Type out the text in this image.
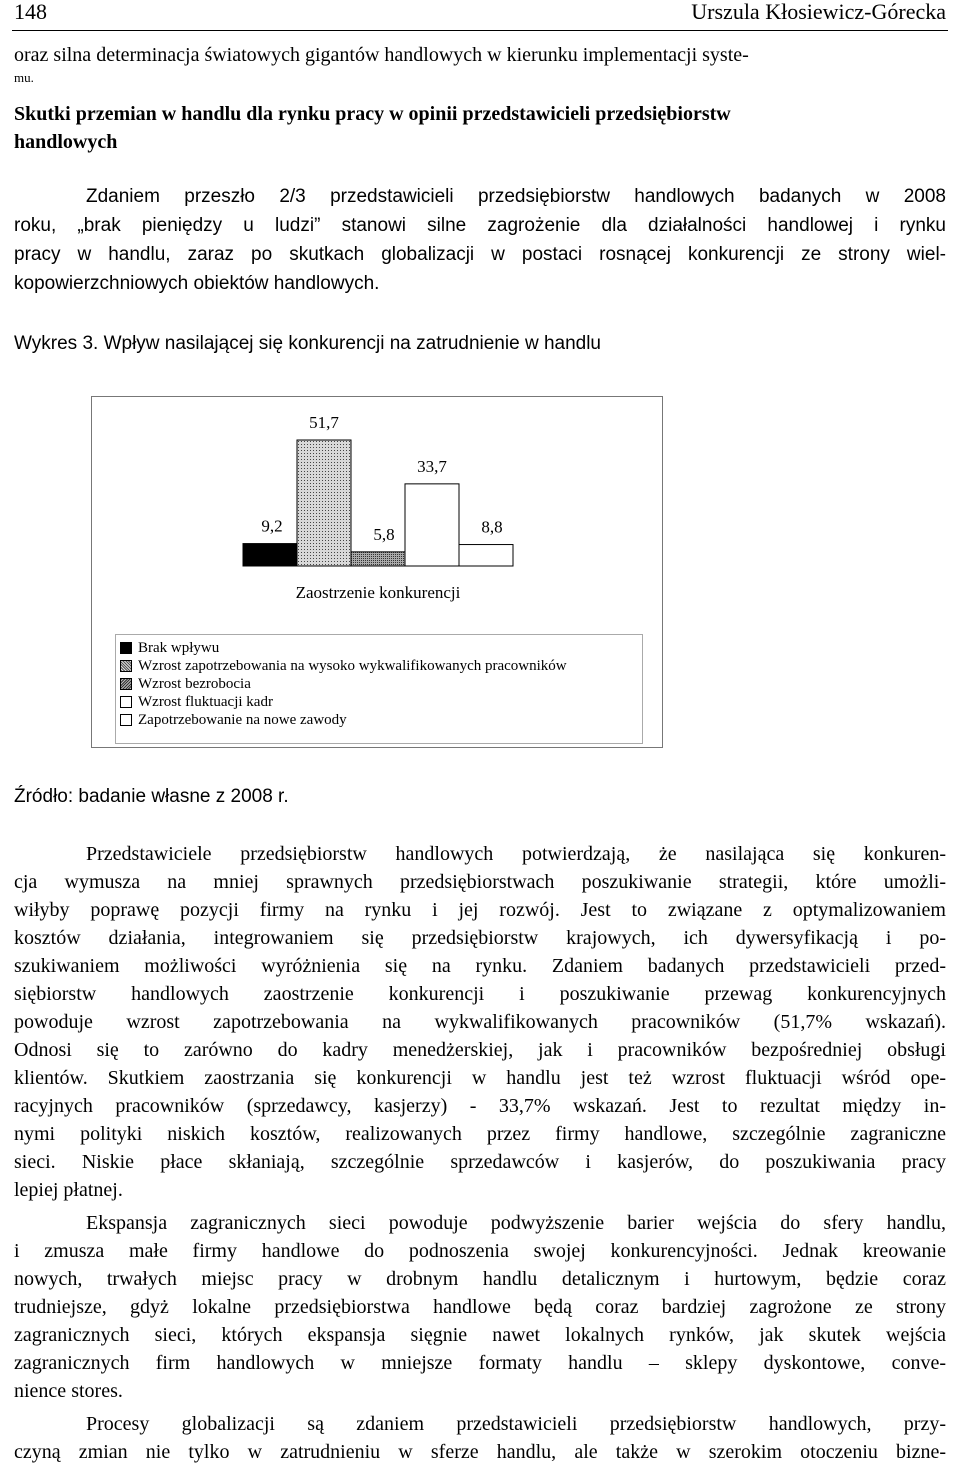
148	Urszula Kłosiewicz-Górecka
oraz silna determinacja światowych gigantów handlowych w kierunku implementacji syste-
mu.
Skutki przemian w handlu dla rynku pracy w opinii przedstawicieli przedsiębiorstw
handlowych
Zdaniem przeszło 2/3 przedstawicieli przedsiębiorstw handlowych badanych w 2008
roku, „brak pieniędzy u ludzi” stanowi silne zagrożenie dla działalności handlowej i rynku
pracy w handlu, zaraz po skutkach globalizacji w postaci rosnącej konkurencji ze strony wiel-
kopowierzchniowych obiektów handlowych.
Wykres 3. Wpływ nasilającej się konkurencji na zatrudnienie w handlu
9,2
51,7
5,8
33,7
8,8
Zaostrzenie konkurencji
Brak wpływu
Wzrost zapotrzebowania na wysoko wykwalifikowanych pracowników
Wzrost bezrobocia
Wzrost fluktuacji kadr
Zapotrzebowanie na nowe zawody
Źródło: badanie własne z 2008 r.
Przedstawiciele przedsiębiorstw handlowych potwierdzają, że nasilająca się konkuren-
cja wymusza na mniej sprawnych przedsiębiorstwach poszukiwanie strategii, które umożli-
wiłyby poprawę pozycji firmy na rynku i jej rozwój. Jest to związane z optymalizowaniem
kosztów działania, integrowaniem się przedsiębiorstw krajowych, ich dywersyfikacją i po-
szukiwaniem możliwości wyróżnienia się na rynku. Zdaniem badanych przedstawicieli przed-
siębiorstw handlowych zaostrzenie konkurencji i poszukiwanie przewag konkurencyjnych
powoduje wzrost zapotrzebowania na wykwalifikowanych pracowników (51,7% wskazań).
Odnosi się to zarówno do kadry menedżerskiej, jak i pracowników bezpośredniej obsługi
klientów. Skutkiem zaostrzania się konkurencji w handlu jest też wzrost fluktuacji wśród ope-
racyjnych pracowników (sprzedawcy, kasjerzy) - 33,7% wskazań. Jest to rezultat między in-
nymi polityki niskich kosztów, realizowanych przez firmy handlowe, szczególnie zagraniczne
sieci. Niskie płace skłaniają, szczególnie sprzedawców i kasjerów, do poszukiwania pracy
lepiej płatnej.
Ekspansja zagranicznych sieci powoduje podwyższenie barier wejścia do sfery handlu,
i zmusza małe firmy handlowe do podnoszenia swojej konkurencyjności. Jednak kreowanie
nowych, trwałych miejsc pracy w drobnym handlu detalicznym i hurtowym, będzie coraz
trudniejsze, gdyż lokalne przedsiębiorstwa handlowe będą coraz bardziej zagrożone ze strony
zagranicznych sieci, których ekspansja sięgnie nawet lokalnych rynków, jak skutek wejścia
zagranicznych firm handlowych w mniejsze formaty handlu – sklepy dyskontowe, conve-
nience stores.
Procesy globalizacji są zdaniem przedstawicieli przedsiębiorstw handlowych, przy-
czyną zmian nie tylko w zatrudnieniu w sferze handlu, ale także w szerokim otoczeniu bizne-
